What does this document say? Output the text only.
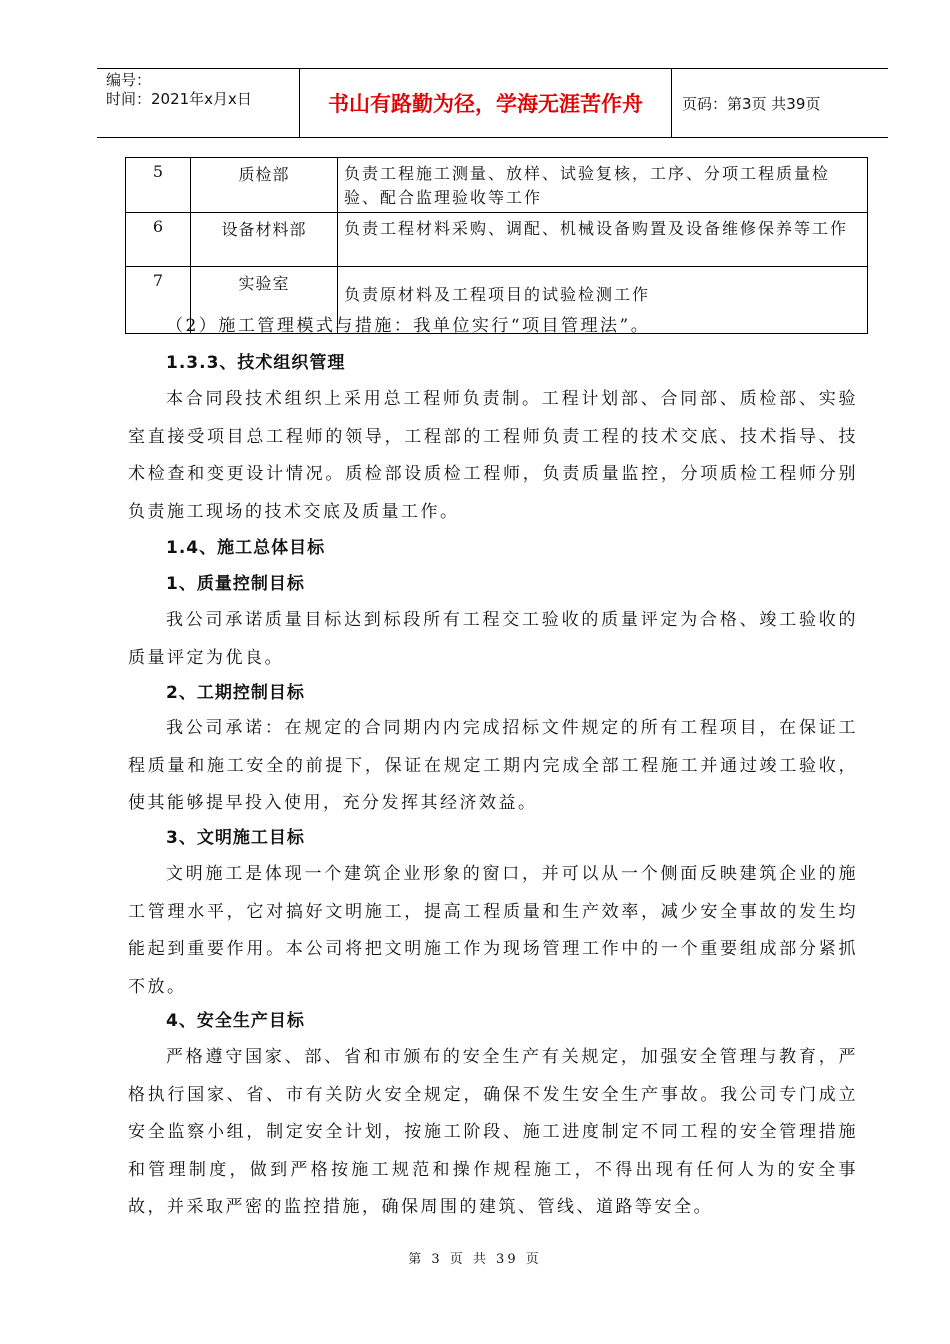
编号：
时间：2021年x月x日	书山有路勤为径，学海无涯苦作舟	页码：第3页 共39页
5	质检部	负责工程施工测量、放样、试验复核，工序、分项工程质量检验、配合监理验收等工作
6	设备材料部	负责工程材料采购、调配、机械设备购置及设备维修保养等工作
7	实验室	负责原材料及工程项目的试验检测工作

（2）施工管理模式与措施：我单位实行“项目管理法”。

1.3.3、技术组织管理

本合同段技术组织上采用总工程师负责制。工程计划部、合同部、质检部、实验室直接受项目总工程师的领导，工程部的工程师负责工程的技术交底、技术指导、技术检查和变更设计情况。质检部设质检工程师，负责质量监控，分项质检工程师分别负责施工现场的技术交底及质量工作。

1.4、施工总体目标

1、质量控制目标

我公司承诺质量目标达到标段所有工程交工验收的质量评定为合格、竣工验收的质量评定为优良。

2、工期控制目标

我公司承诺：在规定的合同期内内完成招标文件规定的所有工程项目，在保证工程质量和施工安全的前提下，保证在规定工期内完成全部工程施工并通过竣工验收，使其能够提早投入使用，充分发挥其经济效益。

3、文明施工目标

文明施工是体现一个建筑企业形象的窗口，并可以从一个侧面反映建筑企业的施工管理水平，它对搞好文明施工，提高工程质量和生产效率，减少安全事故的发生均能起到重要作用。本公司将把文明施工作为现场管理工作中的一个重要组成部分紧抓不放。

4、安全生产目标

严格遵守国家、部、省和市颁布的安全生产有关规定，加强安全管理与教育，严格执行国家、省、市有关防火安全规定，确保不发生安全生产事故。我公司专门成立安全监察小组，制定安全计划，按施工阶段、施工进度制定不同工程的安全管理措施和管理制度，做到严格按施工规范和操作规程施工，不得出现有任何人为的安全事故，并采取严密的监控措施，确保周围的建筑、管线、道路等安全。

第 3 页 共 39 页
